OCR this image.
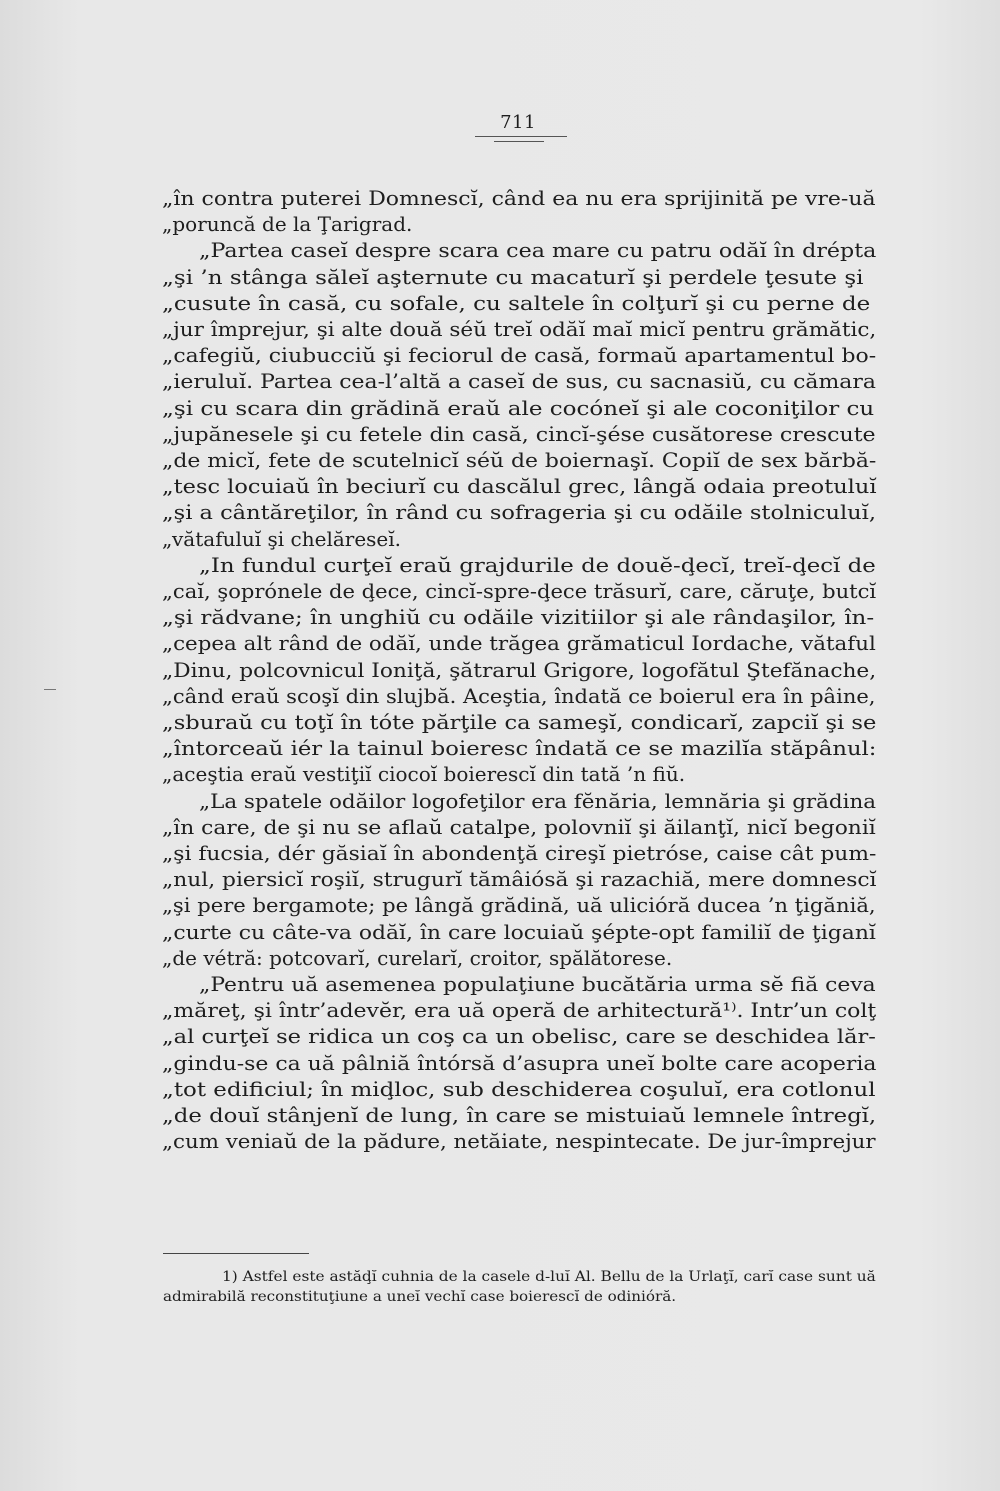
711
„în contra puterei Domnescĭ, când ea nu era sprijinită pe vre-uă
„poruncă de la Ţarigrad.
„Partea caseĭ despre scara cea mare cu patru odăĭ în drépta
„şi ’n stânga săleĭ aşternute cu macaturĭ şi perdele ţesute şi
„cusute în casă, cu sofale, cu saltele în colţurĭ şi cu perne de
„jur împrejur, şi alte două séŭ treĭ odăĭ maĭ micĭ pentru grămătic,
„cafegiŭ, ciubucciŭ şi feciorul de casă, formaŭ apartamentul bo-
„ieruluĭ. Partea cea-l’altă a caseĭ de sus, cu sacnasiŭ, cu cămara
„şi cu scara din grădină eraŭ ale cocóneĭ şi ale coconiţilor cu
„jupănesele şi cu fetele din casă, cincĭ-şése cusătorese crescute
„de micĭ, fete de scutelnicĭ séŭ de boiernaşĭ. Copiĭ de sex bărbă-
„tesc locuiaŭ în beciurĭ cu dascălul grec, lângă odaia preotuluĭ
„şi a cântăreţilor, în rând cu sofrageria şi cu odăile stolniculuĭ,
„vătafuluĭ şi chelăreseĭ.
„In fundul curţeĭ eraŭ grajdurile de douĕ-ḑecĭ, treĭ-ḑecĭ de
„caĭ, şoprónele de ḑece, cincĭ-spre-ḑece trăsurĭ, care, căruţe, butcĭ
„şi rădvane; în unghiŭ cu odăile vizitiilor şi ale rândaşilor, în-
„cepea alt rând de odăĭ, unde trăgea grămaticul Iordache, vătaful
„Dinu, polcovnicul Ioniţă, şătrarul Grigore, logofătul Ştefănache,
„când eraŭ scoşĭ din slujbă. Aceştia, îndată ce boierul era în pâine,
„sburaŭ cu toţĭ în tóte părţile ca sameşĭ, condicarĭ, zapciĭ şi se
„întorceaŭ iér la tainul boieresc îndată ce se mazilĭa stăpânul:
„aceştia eraŭ vestiţiĭ ciocoĭ boierescĭ din tată ’n fiŭ.
„La spatele odăilor logofeţilor era fĕnăria, lemnăria şi grădina
„în care, de şi nu se aflaŭ catalpe, polovniĭ şi ăilanţĭ, nicĭ begoniĭ
„şi fucsia, dér găsiaĭ în abondenţă cireşĭ pietróse, caise cât pum-
„nul, piersicĭ roşiĭ, strugurĭ tămâiósă şi razachiă, mere domnescĭ
„şi pere bergamote; pe lângă grădină, uă ulicióră ducea ’n ţigăniă,
„curte cu câte-va odăĭ, în care locuiaŭ şépte-opt familiĭ de ţiganĭ
„de vétră: potcovarĭ, curelarĭ, croitor, spălătorese.
„Pentru uă asemenea populaţiune bucătăria urma sĕ fiă ceva
„măreţ, şi într’adevĕr, era uă operă de arhitectură¹⁾. Intr’un colţ
„al curţeĭ se ridica un coş ca un obelisc, care se deschidea lăr-
„gindu-se ca uă pâlniă întórsă d’asupra uneĭ bolte care acoperia
„tot edificiul; în miḑloc, sub deschiderea coşuluĭ, era cotlonul
„de douĭ stânjenĭ de lung, în care se mistuiaŭ lemnele întregĭ,
„cum veniaŭ de la pădure, netăiate, nespintecate. De jur-împrejur
1) Astfel este astăḑĭ cuhnia de la casele d-luĭ Al. Bellu de la Urlaţĭ, carĭ case sunt uă
admirabilă reconstituţiune a uneĭ vechĭ case boierescĭ de odinióră.
